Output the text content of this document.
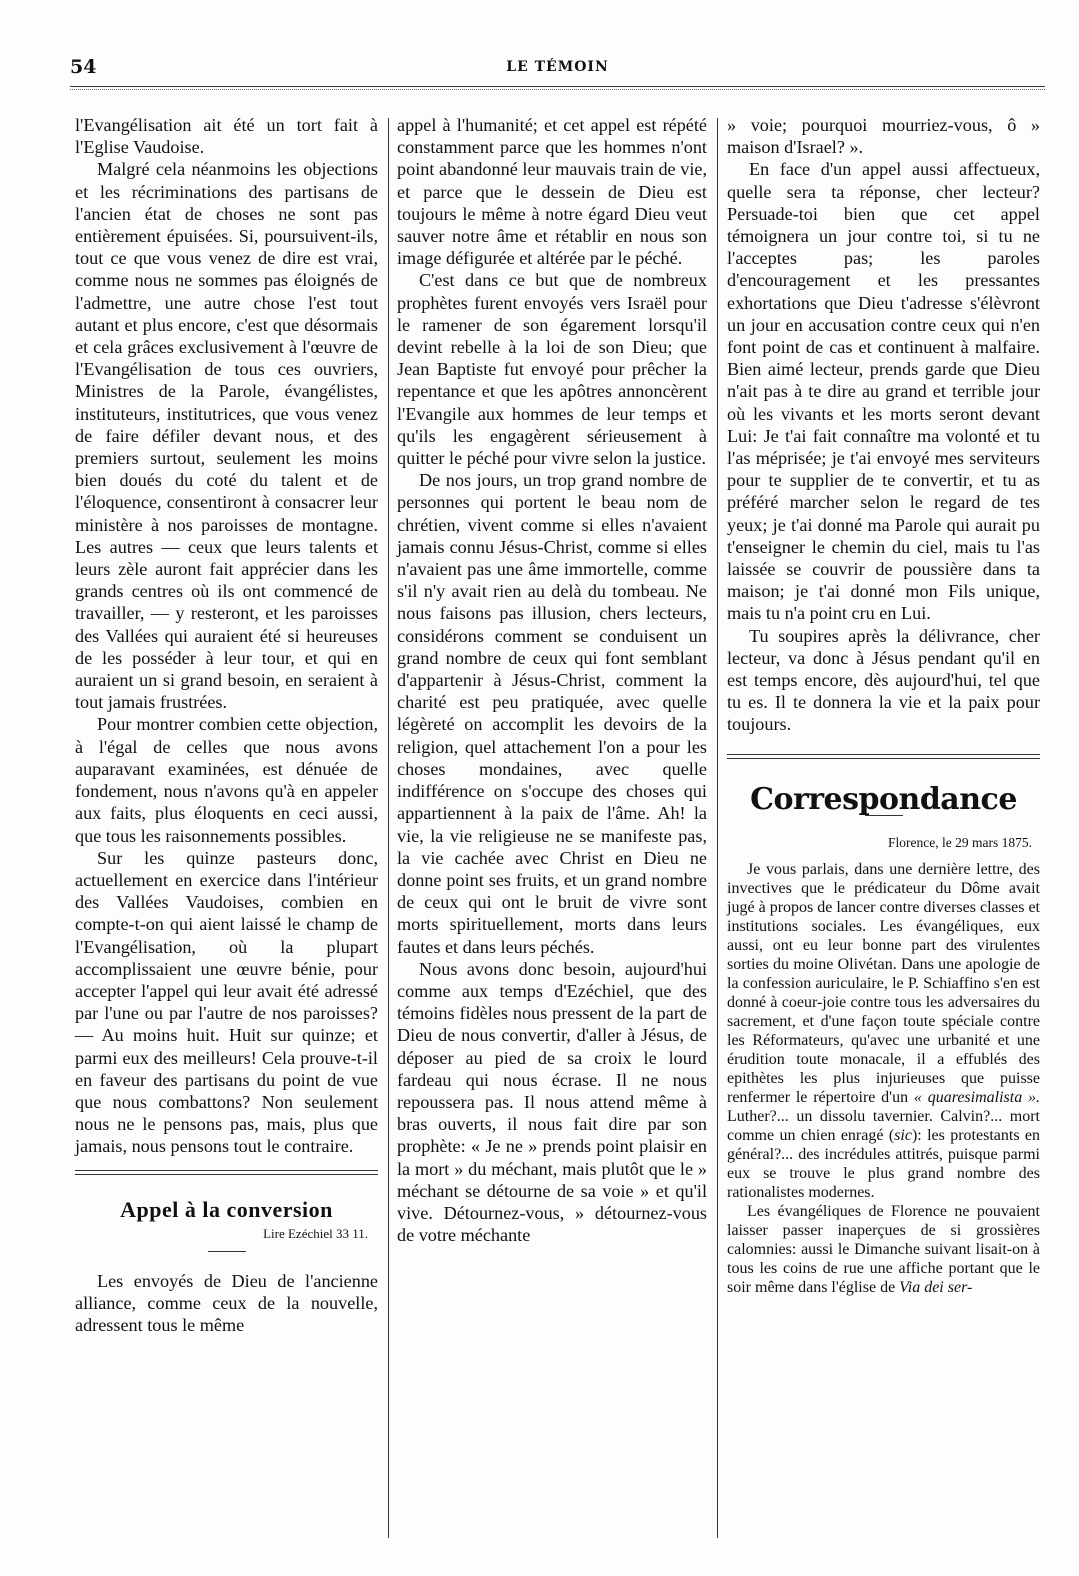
54	LE TÉMOIN

l'Evangélisation ait été un tort fait à l'Eglise Vaudoise.

Malgré cela néanmoins les objections et les récriminations des partisans de l'ancien état de choses ne sont pas entièrement épuisées. Si, poursuivent-ils, tout ce que vous venez de dire est vrai, comme nous ne sommes pas éloignés de l'admettre, une autre chose l'est tout autant et plus encore, c'est que désormais et cela grâces exclusivement à l'œuvre de l'Evangélisation de tous ces ouvriers, Ministres de la Parole, évangélistes, instituteurs, institutrices, que vous venez de faire défiler devant nous, et des premiers surtout, seulement les moins bien doués du coté du talent et de l'éloquence, consentiront à consacrer leur ministère à nos paroisses de montagne. Les autres — ceux que leurs talents et leurs zèle auront fait apprécier dans les grands centres où ils ont commencé de travailler, — y resteront, et les paroisses des Vallées qui auraient été si heureuses de les posséder à leur tour, et qui en auraient un si grand besoin, en seraient à tout jamais frustrées.

Pour montrer combien cette objection, à l'égal de celles que nous avons auparavant examinées, est dénuée de fondement, nous n'avons qu'à en appeler aux faits, plus éloquents en ceci aussi, que tous les raisonnements possibles.

Sur les quinze pasteurs donc, actuellement en exercice dans l'intérieur des Vallées Vaudoises, combien en compte-t-on qui aient laissé le champ de l'Evangélisation, où la plupart accomplissaient une œuvre bénie, pour accepter l'appel qui leur avait été adressé par l'une ou par l'autre de nos paroisses? — Au moins huit. Huit sur quinze; et parmi eux des meilleurs! Cela prouve-t-il en faveur des partisans du point de vue que nous combattons? Non seulement nous ne le pensons pas, mais, plus que jamais, nous pensons tout le contraire.

Appel à la conversion
Lire Ezéchiel 33 11.

Les envoyés de Dieu de l'ancienne alliance, comme ceux de la nouvelle, adressent tous le même

appel à l'humanité; et cet appel est répété constamment parce que les hommes n'ont point abandonné leur mauvais train de vie, et parce que le dessein de Dieu est toujours le même à notre égard Dieu veut sauver notre âme et rétablir en nous son image défigurée et altérée par le péché.

C'est dans ce but que de nombreux prophètes furent envoyés vers Israël pour le ramener de son égarement lorsqu'il devint rebelle à la loi de son Dieu; que Jean Baptiste fut envoyé pour prêcher la repentance et que les apôtres annoncèrent l'Evangile aux hommes de leur temps et qu'ils les engagèrent sérieusement à quitter le péché pour vivre selon la justice.

De nos jours, un trop grand nombre de personnes qui portent le beau nom de chrétien, vivent comme si elles n'avaient jamais connu Jésus-Christ, comme si elles n'avaient pas une âme immortelle, comme s'il n'y avait rien au delà du tombeau. Ne nous faisons pas illusion, chers lecteurs, considérons comment se conduisent un grand nombre de ceux qui font semblant d'appartenir à Jésus-Christ, comment la charité est peu pratiquée, avec quelle légèreté on accomplit les devoirs de la religion, quel attachement l'on a pour les choses mondaines, avec quelle indifférence on s'occupe des choses qui appartiennent à la paix de l'âme. Ah! la vie, la vie religieuse ne se manifeste pas, la vie cachée avec Christ en Dieu ne donne point ses fruits, et un grand nombre de ceux qui ont le bruit de vivre sont morts spirituellement, morts dans leurs fautes et dans leurs péchés.

Nous avons donc besoin, aujourd'hui comme aux temps d'Ezéchiel, que des témoins fidèles nous pressent de la part de Dieu de nous convertir, d'aller à Jésus, de déposer au pied de sa croix le lourd fardeau qui nous écrase. Il ne nous repoussera pas. Il nous attend même à bras ouverts, il nous fait dire par son prophète: « Je ne » prends point plaisir en la mort » du méchant, mais plutôt que le » méchant se détourne de sa voie » et qu'il vive. Détournez-vous, » détournez-vous de votre méchante

» voie; pourquoi mourriez-vous, ô » maison d'Israel? ».

En face d'un appel aussi affectueux, quelle sera ta réponse, cher lecteur? Persuade-toi bien que cet appel témoignera un jour contre toi, si tu ne l'acceptes pas; les paroles d'encouragement et les pressantes exhortations que Dieu t'adresse s'élèvront un jour en accusation contre ceux qui n'en font point de cas et continuent à malfaire. Bien aimé lecteur, prends garde que Dieu n'ait pas à te dire au grand et terrible jour où les vivants et les morts seront devant Lui: Je t'ai fait connaître ma volonté et tu l'as méprisée; je t'ai envoyé mes serviteurs pour te supplier de te convertir, et tu as préféré marcher selon le regard de tes yeux; je t'ai donné ma Parole qui aurait pu t'enseigner le chemin du ciel, mais tu l'as laissée se couvrir de poussière dans ta maison; je t'ai donné mon Fils unique, mais tu n'a point cru en Lui.

Tu soupires après la délivrance, cher lecteur, va donc à Jésus pendant qu'il en est temps encore, dès aujourd'hui, tel que tu es. Il te donnera la vie et la paix pour toujours.

Correspondance
Florence, le 29 mars 1875.

Je vous parlais, dans une dernière lettre, des invectives que le prédicateur du Dôme avait jugé à propos de lancer contre diverses classes et institutions sociales. Les évangéliques, eux aussi, ont eu leur bonne part des virulentes sorties du moine Olivétan. Dans une apologie de la confession auriculaire, le P. Schiaffino s'en est donné à coeur-joie contre tous les adversaires du sacrement, et d'une façon toute spéciale contre les Réformateurs, qu'avec une urbanité et une érudition toute monacale, il a effublés des epithètes les plus injurieuses que puisse renfermer le répertoire d'un « quaresimalista ». Luther?... un dissolu tavernier. Calvin?... mort comme un chien enragé (sic): les protestants en général?... des incrédules attitrés, puisque parmi eux se trouve le plus grand nombre des rationalistes modernes.

Les évangéliques de Florence ne pouvaient laisser passer inaperçues de si grossières calomnies: aussi le Dimanche suivant lisait-on à tous les coins de rue une affiche portant que le soir même dans l'église de Via dei ser-
